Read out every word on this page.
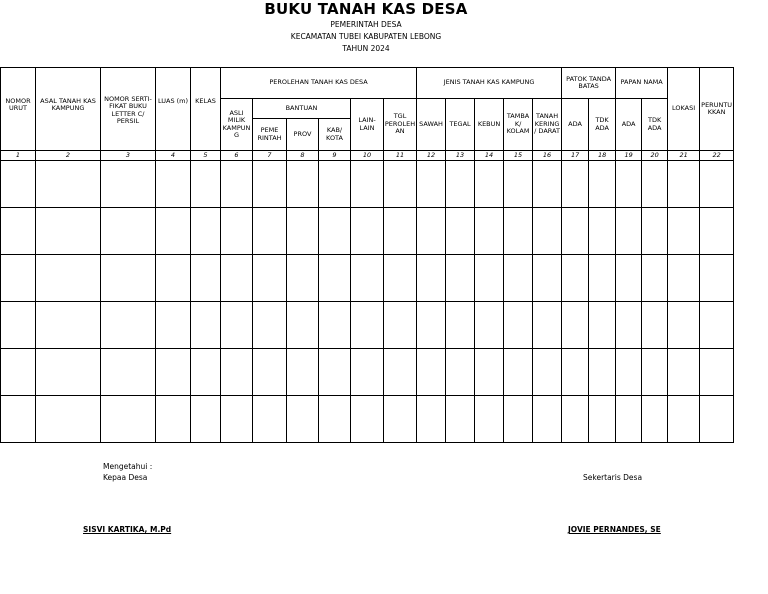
BUKU TANAH KAS DESA
PEMERINTAH DESA
KECAMATAN TUBEI KABUPATEN LEBONG
TAHUN 2024
NOMOR URUT	ASAL TANAH KAS KAMPUNG	NOMOR SERTI-FIKAT BUKU LETTER C/ PERSIL	LUAS (m)	KELAS	PEROLEHAN TANAH KAS DESA						JENIS TANAH KAS KAMPUNG					PATOK TANDA BATAS		PAPAN NAMA		LOKASI	PERUNTU KKAN
					ASLI MILIK KAMPUN G	BANTUAN			LAIN-LAIN	TGL PEROLEH AN	SAWAH	TEGAL	KEBUN	TAMBA K/ KOLAM	TANAH KERING / DARAT	ADA	TDK ADA	ADA	TDK ADA		
						PEME RINTAH	PROV	KAB/ KOTA													
1	2	3	4	5	6	7	8	9	10	11	12	13	14	15	16	17	18	19	20	21	22

Mengetahui :
Kepaa Desa	Sekertaris Desa
SISVI KARTIKA, M.Pd	JOVIE PERNANDES, SE
